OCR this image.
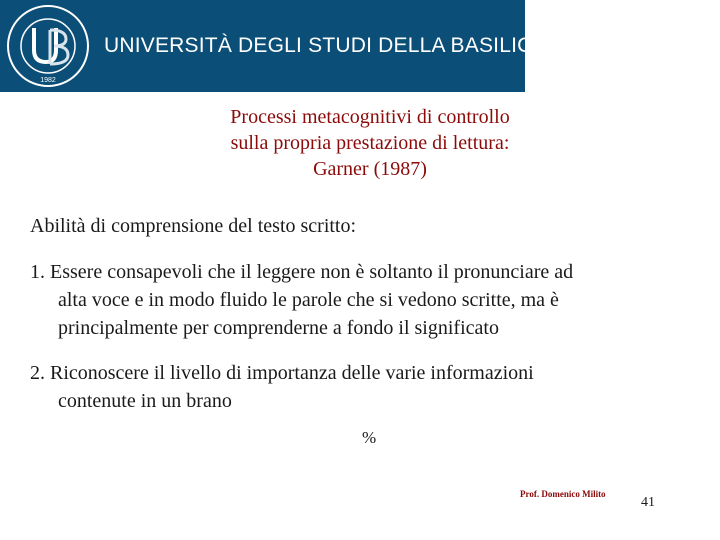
1982
UNIVERSITÀ DEGLI STUDI DELLA BASILICATA
Processi metacognitivi di controllo
sulla propria prestazione di lettura:
Garner (1987)
Abilità di comprensione del testo scritto:
1. Essere consapevoli che il leggere non è soltanto il pronunciare ad
alta voce e in modo fluido le parole che si vedono scritte, ma è
principalmente per comprenderne a fondo il significato
2. Riconoscere il livello di importanza delle varie informazioni
contenute in un brano
%
Prof. Domenico Milito
41
